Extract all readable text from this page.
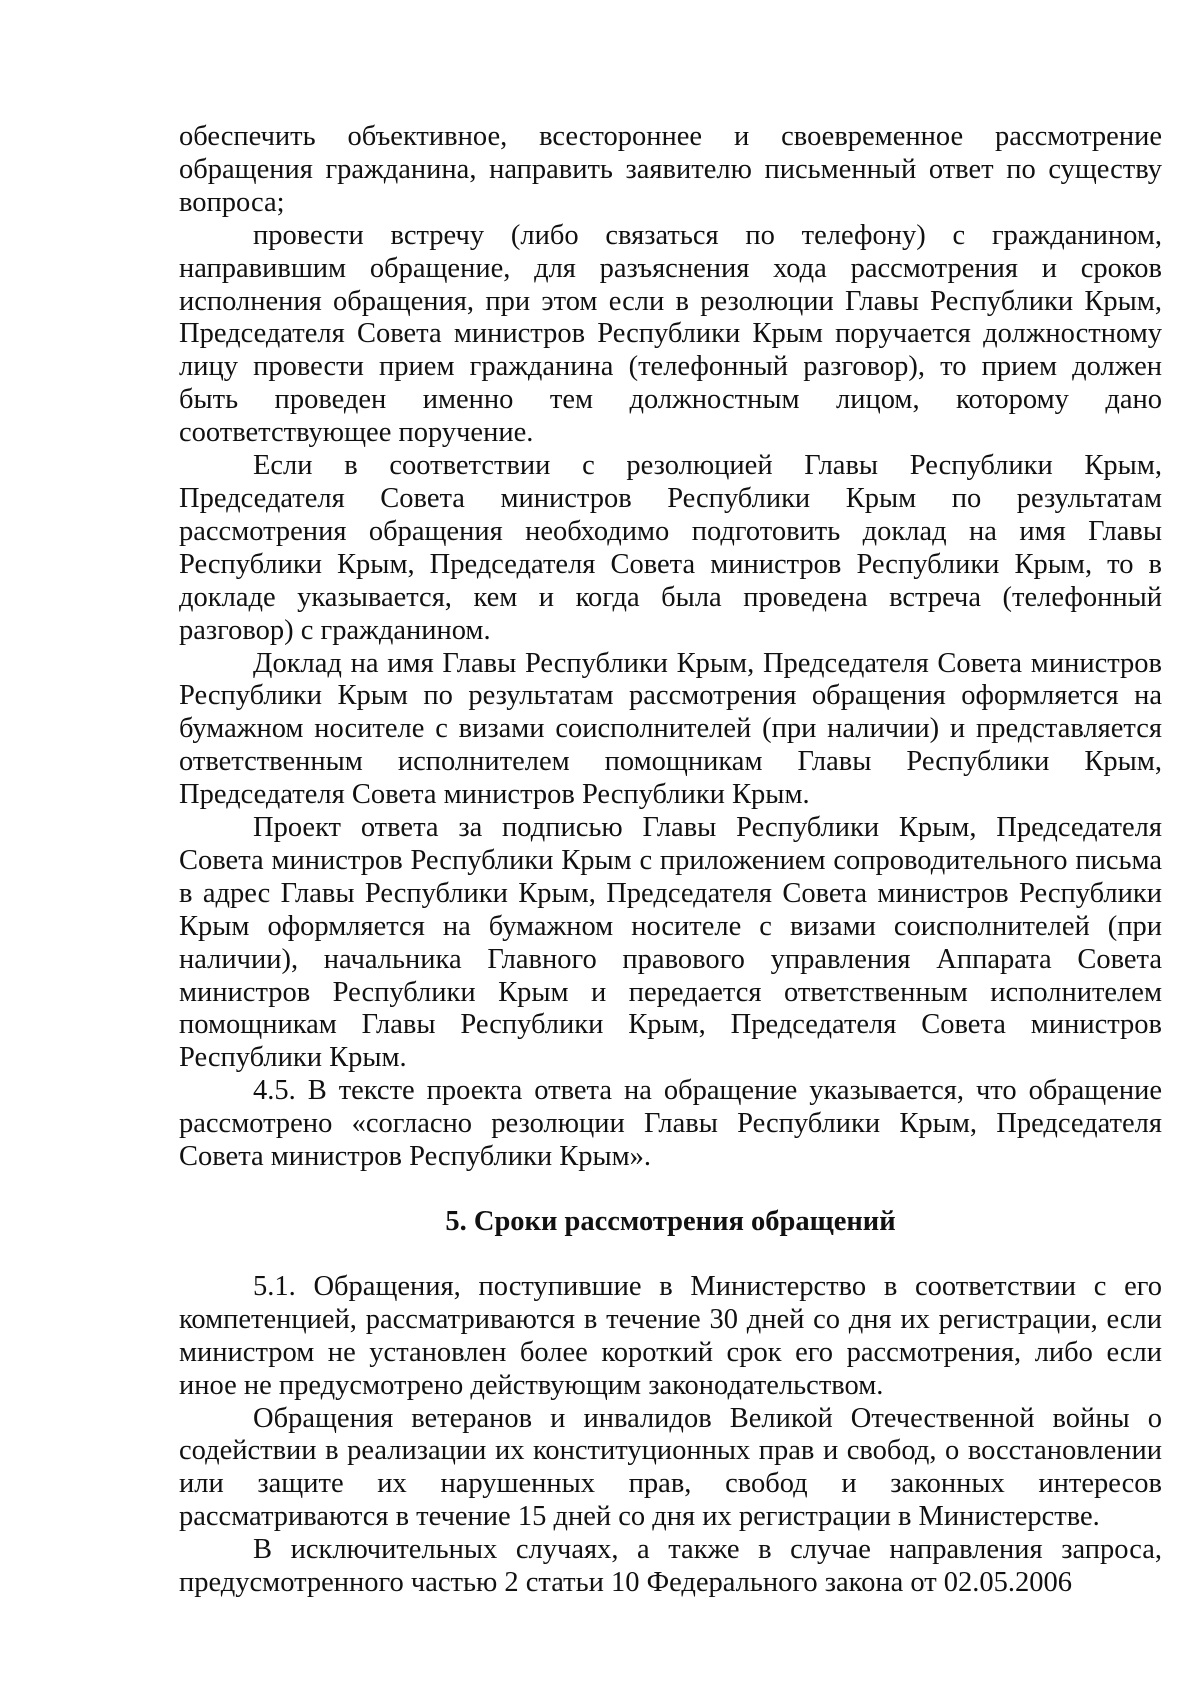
обеспечить объективное, всестороннее и своевременное рассмотрение обращения гражданина, направить заявителю письменный ответ по существу вопроса;

провести встречу (либо связаться по телефону) с гражданином, направившим обращение, для разъяснения хода рассмотрения и сроков исполнения обращения, при этом если в резолюции Главы Республики Крым, Председателя Совета министров Республики Крым поручается должностному лицу провести прием гражданина (телефонный разговор), то прием должен быть проведен именно тем должностным лицом, которому дано соответствующее поручение.

Если в соответствии с резолюцией Главы Республики Крым, Председателя Совета министров Республики Крым по результатам рассмотрения обращения необходимо подготовить доклад на имя Главы Республики Крым, Председателя Совета министров Республики Крым, то в докладе указывается, кем и когда была проведена встреча (телефонный разговор) с гражданином.

Доклад на имя Главы Республики Крым, Председателя Совета министров Республики Крым по результатам рассмотрения обращения оформляется на бумажном носителе с визами соисполнителей (при наличии) и представляется ответственным исполнителем помощникам Главы Республики Крым, Председателя Совета министров Республики Крым.

Проект ответа за подписью Главы Республики Крым, Председателя Совета министров Республики Крым с приложением сопроводительного письма в адрес Главы Республики Крым, Председателя Совета министров Республики Крым оформляется на бумажном носителе с визами соисполнителей (при наличии), начальника Главного правового управления Аппарата Совета министров Республики Крым и передается ответственным исполнителем помощникам Главы Республики Крым, Председателя Совета министров Республики Крым.

4.5. В тексте проекта ответа на обращение указывается, что обращение рассмотрено «согласно резолюции Главы Республики Крым, Председателя Совета министров Республики Крым».

5. Сроки рассмотрения обращений

5.1. Обращения, поступившие в Министерство в соответствии с его компетенцией, рассматриваются в течение 30 дней со дня их регистрации, если министром не установлен более короткий срок его рассмотрения, либо если иное не предусмотрено действующим законодательством.

Обращения ветеранов и инвалидов Великой Отечественной войны о содействии в реализации их конституционных прав и свобод, о восстановлении или защите их нарушенных прав, свобод и законных интересов рассматриваются в течение 15 дней со дня их регистрации в Министерстве.

В исключительных случаях, а также в случае направления запроса, предусмотренного частью 2 статьи 10 Федерального закона от 02.05.2006
